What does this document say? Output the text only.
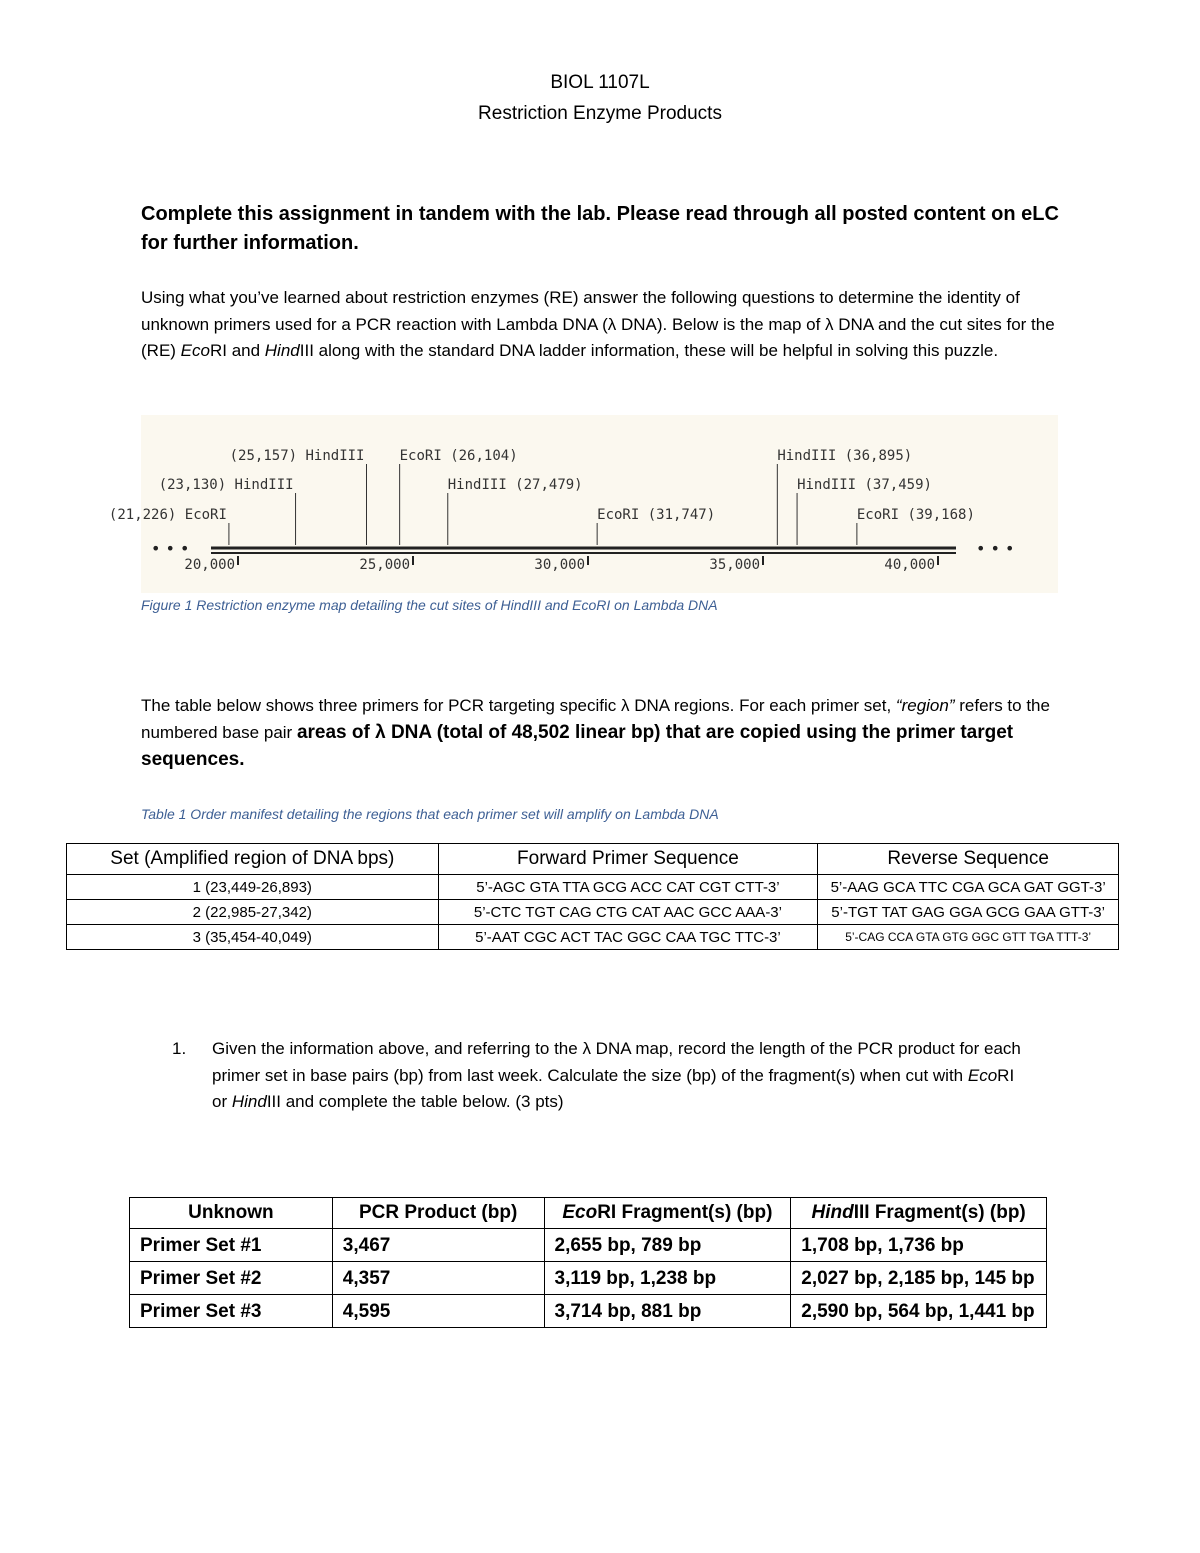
BIOL 1107L
Restriction Enzyme Products
Complete this assignment in tandem with the lab. Please read through all posted content on eLC for further information.
Using what you’ve learned about restriction enzymes (RE) answer the following questions to determine the identity of unknown primers used for a PCR reaction with Lambda DNA (λ DNA). Below is the map of λ DNA and the cut sites for the (RE) EcoRI and HindIII along with the standard DNA ladder information, these will be helpful in solving this puzzle.
• • •	• • •
(25,157) HindIII	EcoRI (26,104)	HindIII (36,895)
(23,130) HindIII	HindIII (27,479)	HindIII (37,459)
(21,226) EcoRI	EcoRI (31,747)	EcoRI (39,168)
20,000	25,000	30,000	35,000	40,000
Figure 1 Restriction enzyme map detailing the cut sites of HindIII and EcoRI on Lambda DNA
The table below shows three primers for PCR targeting specific λ DNA regions. For each primer set, “region” refers to the numbered base pair areas of λ DNA (total of 48,502 linear bp) that are copied using the primer target sequences.
Table 1 Order manifest detailing the regions that each primer set will amplify on Lambda DNA
Set (Amplified region of DNA bps)	Forward Primer Sequence	Reverse Sequence
1 (23,449-26,893)	5’-AGC GTA TTA GCG ACC CAT CGT CTT-3’	5’-AAG GCA TTC CGA GCA GAT GGT-3’
2 (22,985-27,342)	5’-CTC TGT CAG CTG CAT AAC GCC AAA-3’	5’-TGT TAT GAG GGA GCG GAA GTT-3’
3 (35,454-40,049)	5’-AAT CGC ACT TAC GGC CAA TGC TTC-3’	5’-CAG CCA GTA GTG GGC GTT TGA TTT-3’
1. Given the information above, and referring to the λ DNA map, record the length of the PCR product for each primer set in base pairs (bp) from last week. Calculate the size (bp) of the fragment(s) when cut with EcoRI or HindIII and complete the table below. (3 pts)
Unknown	PCR Product (bp)	EcoRI Fragment(s) (bp)	HindIII Fragment(s) (bp)
Primer Set #1	3,467	2,655 bp, 789 bp	1,708 bp, 1,736 bp
Primer Set #2	4,357	3,119 bp, 1,238 bp	2,027 bp, 2,185 bp, 145 bp
Primer Set #3	4,595	3,714 bp, 881 bp	2,590 bp, 564 bp, 1,441 bp
